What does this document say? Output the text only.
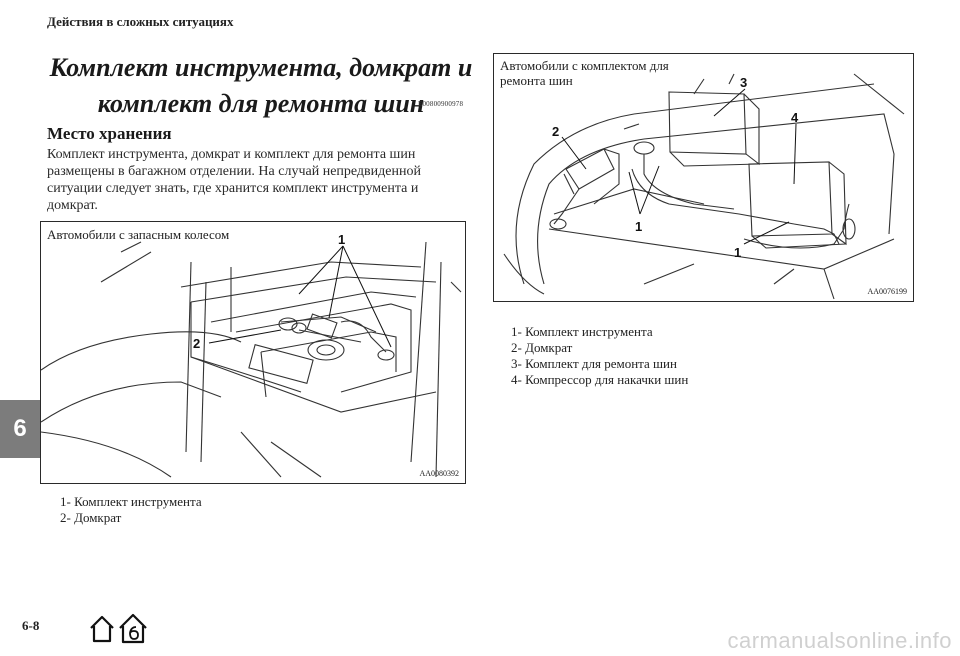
Действия в сложных ситуациях
Комплект инструмента, домкрат и
комплект для ремонта шин
E00800900978
Место хранения
Комплект инструмента, домкрат и комплект для ремонта шин размещены в багажном отделении. На случай непредвиденной ситуации следует знать, где хранится комплект инструмента и домкрат.
Автомобили с запасным колесом	1
2
AA0080392
1- Комплект инструмента
2- Домкрат
Автомобили с комплектом для
ремонта шин	3
2
4
1
1
AA0076199
1- Комплект инструмента
2- Домкрат
3- Комплект для ремонта шин
4- Компрессор для накачки шин
6
6-8
carmanualsonline.info
